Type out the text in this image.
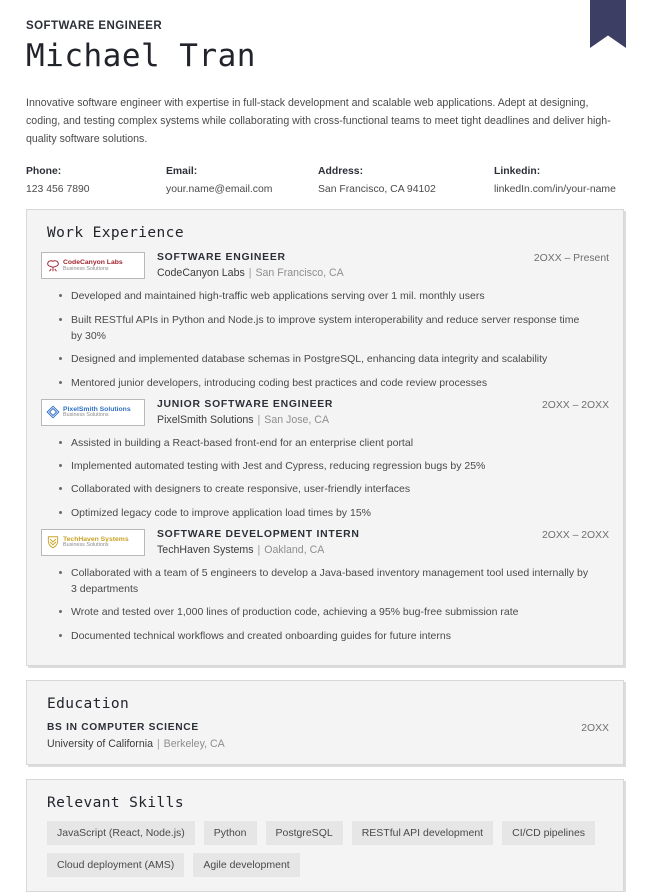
SOFTWARE ENGINEER
Michael Tran

Innovative software engineer with expertise in full-stack development and scalable web applications. Adept at designing, coding, and testing complex systems while collaborating with cross-functional teams to meet tight deadlines and deliver high-quality software solutions.

Phone:
123 456 7890
Email:
your.name@email.com
Address:
San Francisco, CA 94102
Linkedin:
linkedIn.com/in/your-name
Work Experience
CodeCanyon Labs
Business Solutions
SOFTWARE ENGINEER
CodeCanyon Labs | San Francisco, CA
2OXX – Present
Developed and maintained high-traffic web applications serving over 1 mil. monthly users
Built RESTful APIs in Python and Node.js to improve system interoperability and reduce server response time by 30%
Designed and implemented database schemas in PostgreSQL, enhancing data integrity and scalability
Mentored junior developers, introducing coding best practices and code review processes
PixelSmith Solutions
Business Solutions
JUNIOR SOFTWARE ENGINEER
PixelSmith Solutions | San Jose, CA
2OXX – 2OXX
Assisted in building a React-based front-end for an enterprise client portal
Implemented automated testing with Jest and Cypress, reducing regression bugs by 25%
Collaborated with designers to create responsive, user-friendly interfaces
Optimized legacy code to improve application load times by 15%
TechHaven Systems
Business Solutions
SOFTWARE DEVELOPMENT INTERN
TechHaven Systems | Oakland, CA
2OXX – 2OXX
Collaborated with a team of 5 engineers to develop a Java-based inventory management tool used internally by 3 departments
Wrote and tested over 1,000 lines of production code, achieving a 95% bug-free submission rate
Documented technical workflows and created onboarding guides for future interns
Education
BS IN COMPUTER SCIENCE
University of California | Berkeley, CA
2OXX
Relevant Skills
JavaScript (React, Node.js)	Python	PostgreSQL	RESTful API development	CI/CD pipelines
Cloud deployment (AMS)	Agile development
